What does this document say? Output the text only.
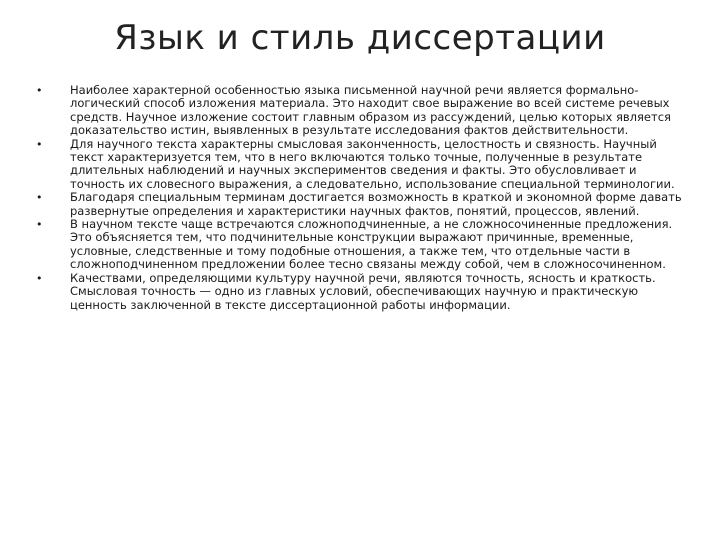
Язык и стиль диссертации
• Наиболее характерной особенностью языка письменной научной речи является формально-логический способ изложения материала. Это находит свое выражение во всей системе речевых средств. Научное изложение состоит главным образом из рассуждений, целью которых является доказательство истин, выявленных в результате исследования фактов действительности.
• Для научного текста характерны смысловая законченность, целостность и связность. Научный текст характеризуется тем, что в него включаются только точные, полученные в результате длительных наблюдений и научных экспериментов сведения и факты. Это обусловливает и точность их словесного выражения, а следовательно, использование специальной терминологии.
• Благодаря специальным терминам достигается возможность в краткой и экономной форме давать развернутые определения и характеристики научных фактов, понятий, процессов, явлений.
• В научном тексте чаще встречаются сложноподчиненные, а не сложносочиненные предложения. Это объясняется тем, что подчинительные конструкции выражают причинные, временные, условные, следственные и тому подобные отношения, а также тем, что отдельные части в сложноподчиненном предложении более тесно связаны между собой, чем в сложносочиненном.
• Качествами, определяющими культуру научной речи, являются точность, ясность и краткость. Смысловая точность — одно из главных условий, обеспечивающих научную и практическую ценность заключенной в тексте диссертационной работы информации.
